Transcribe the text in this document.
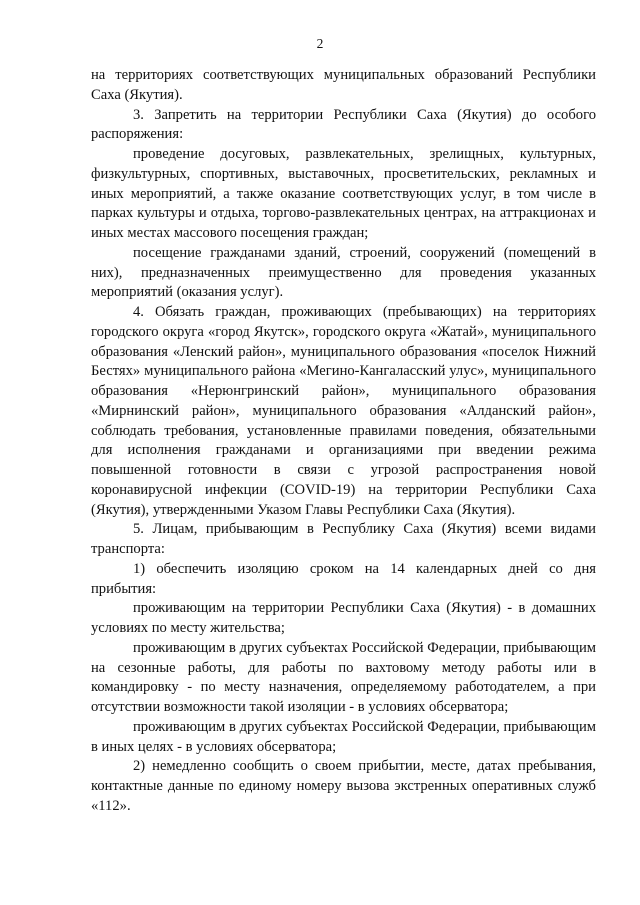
2

на территориях соответствующих муниципальных образований Республики Саха (Якутия).

3. Запретить на территории Республики Саха (Якутия) до особого распоряжения:

проведение досуговых, развлекательных, зрелищных, культурных, физкультурных, спортивных, выставочных, просветительских, рекламных и иных мероприятий, а также оказание соответствующих услуг, в том числе в парках культуры и отдыха, торгово-развлекательных центрах, на аттракционах и иных местах массового посещения граждан;

посещение гражданами зданий, строений, сооружений (помещений в них), предназначенных преимущественно для проведения указанных мероприятий (оказания услуг).

4. Обязать граждан, проживающих (пребывающих) на территориях городского округа «город Якутск», городского округа «Жатай», муниципального образования «Ленский район», муниципального образования «поселок Нижний Бестях» муниципального района «Мегино-Кангаласский улус», муниципального образования «Нерюнгринский район», муниципального образования «Мирнинский район», муниципального образования «Алданский район», соблюдать требования, установленные правилами поведения, обязательными для исполнения гражданами и организациями при введении режима повышенной готовности в связи с угрозой распространения новой коронавирусной инфекции (COVID-19) на территории Республики Саха (Якутия), утвержденными Указом Главы Республики Саха (Якутия).

5. Лицам, прибывающим в Республику Саха (Якутия) всеми видами транспорта:

1) обеспечить изоляцию сроком на 14 календарных дней со дня прибытия:

проживающим на территории Республики Саха (Якутия) - в домашних условиях по месту жительства;

проживающим в других субъектах Российской Федерации, прибывающим на сезонные работы, для работы по вахтовому методу работы или в командировку - по месту назначения, определяемому работодателем, а при отсутствии возможности такой изоляции - в условиях обсерватора;

проживающим в других субъектах Российской Федерации, прибывающим в иных целях - в условиях обсерватора;

2) немедленно сообщить о своем прибытии, месте, датах пребывания, контактные данные по единому номеру вызова экстренных оперативных служб «112».
